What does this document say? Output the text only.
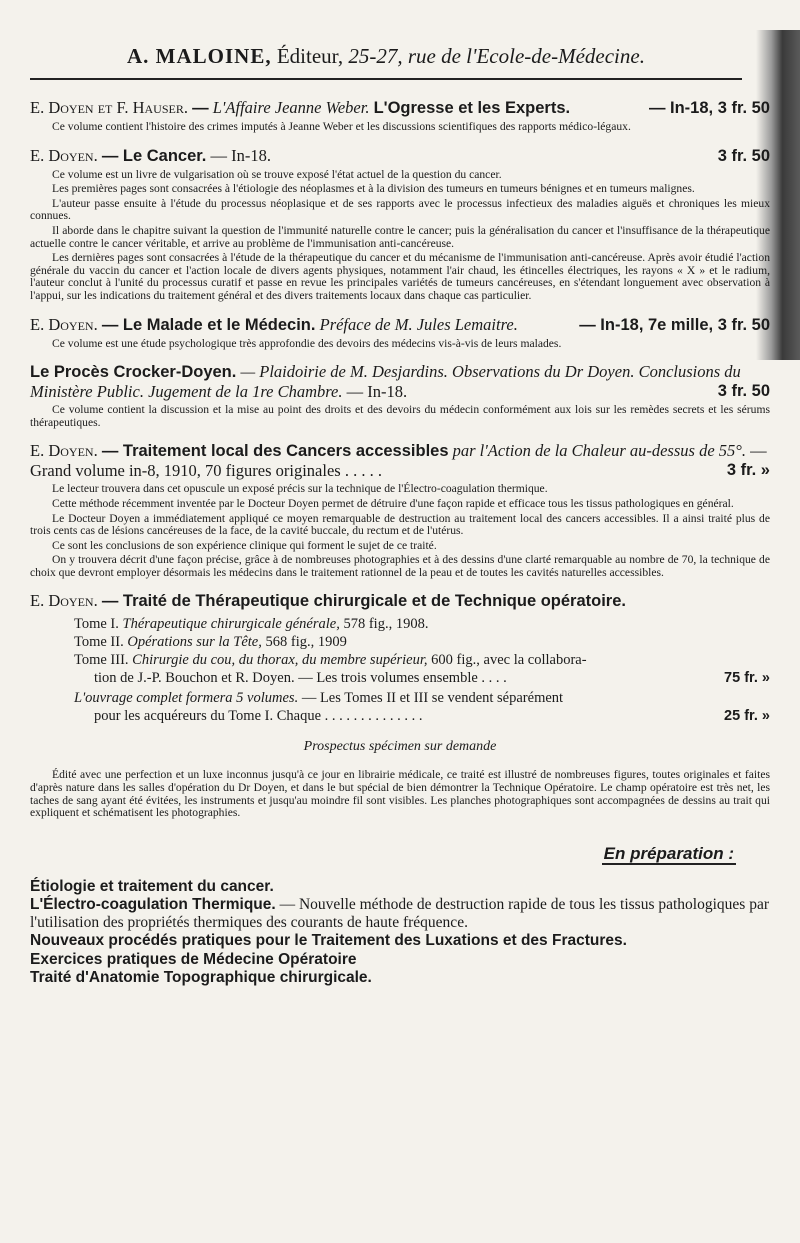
A. MALOINE, Éditeur, 25-27, rue de l'Ecole-de-Médecine.
E. Doyen et F. Hauser. — L'Affaire Jeanne Weber. L'Ogresse et les Experts.	— In-18, 3 fr. 50

Ce volume contient l'histoire des crimes imputés à Jeanne Weber et les discussions scientifiques des rapports médico-légaux.

E. Doyen. — Le Cancer. — In-18.	3 fr. 50

Ce volume est un livre de vulgarisation où se trouve exposé l'état actuel de la question du cancer.

Les premières pages sont consacrées à l'étiologie des néoplasmes et à la division des tumeurs en tumeurs bénignes et en tumeurs malignes.

L'auteur passe ensuite à l'étude du processus néoplasique et de ses rapports avec le processus infectieux des maladies aiguës et chroniques les mieux connues.

Il aborde dans le chapitre suivant la question de l'immunité naturelle contre le cancer; puis la généralisation du cancer et l'insuffisance de la thérapeutique actuelle contre le cancer véritable, et arrive au problème de l'immunisation anti-cancéreuse.

Les dernières pages sont consacrées à l'étude de la thérapeutique du cancer et du mécanisme de l'immunisation anti-cancéreuse. Après avoir étudié l'action générale du vaccin du cancer et l'action locale de divers agents physiques, notamment l'air chaud, les étincelles électriques, les rayons « X » et le radium, l'auteur conclut à l'unité du processus curatif et passe en revue les principales variétés de tumeurs cancéreuses, en s'étendant longuement avec observation à l'appui, sur les indications du traitement général et des divers traitements locaux dans chaque cas particulier.

E. Doyen. — Le Malade et le Médecin. Préface de M. Jules Lemaitre.	— In-18, 7e mille, 3 fr. 50

Ce volume est une étude psychologique très approfondie des devoirs des médecins vis-à-vis de leurs malades.

Le Procès Crocker-Doyen. — Plaidoirie de M. Desjardins. Observations du Dr Doyen. Conclusions du Ministère Public. Jugement de la 1re Chambre. — In-18.	3 fr. 50

Ce volume contient la discussion et la mise au point des droits et des devoirs du médecin conformément aux lois sur les remèdes secrets et les sérums thérapeutiques.

E. Doyen. — Traitement local des Cancers accessibles par l'Action de la Chaleur au-dessus de 55°. — Grand volume in-8, 1910, 70 figures originales . . . . .	3 fr. »

Le lecteur trouvera dans cet opuscule un exposé précis sur la technique de l'Électro-coagulation thermique.

Cette méthode récemment inventée par le Docteur Doyen permet de détruire d'une façon rapide et efficace tous les tissus pathologiques en général.

Le Docteur Doyen a immédiatement appliqué ce moyen remarquable de destruction au traitement local des cancers accessibles. Il a ainsi traité plus de trois cents cas de lésions cancéreuses de la face, de la cavité buccale, du rectum et de l'utérus.

Ce sont les conclusions de son expérience clinique qui forment le sujet de ce traité.

On y trouvera décrit d'une façon précise, grâce à de nombreuses photographies et à des dessins d'une clarté remarquable au nombre de 70, la technique de choix que devront employer désormais les médecins dans le traitement rationnel de la peau et de toutes les cavités naturelles accessibles.

E. Doyen. — Traité de Thérapeutique chirurgicale et de Technique opératoire.
Tome I. Thérapeutique chirurgicale générale, 578 fig., 1908.
Tome II. Opérations sur la Tête, 568 fig., 1909
Tome III. Chirurgie du cou, du thorax, du membre supérieur, 600 fig., avec la collabora-
tion de J.-P. Bouchon et R. Doyen. — Les trois volumes ensemble . . . .	75 fr. »
L'ouvrage complet formera 5 volumes. — Les Tomes II et III se vendent séparément
pour les acquéreurs du Tome I. Chaque . . . . . . . . . . . . . .	25 fr. »
Prospectus spécimen sur demande

Édité avec une perfection et un luxe inconnus jusqu'à ce jour en librairie médicale, ce traité est illustré de nombreuses figures, toutes originales et faites d'après nature dans les salles d'opération du Dr Doyen, et dans le but spécial de bien démontrer la Technique Opératoire. Le champ opératoire est très net, les taches de sang ayant été évitées, les instruments et jusqu'au moindre fil sont visibles. Les planches photographiques sont accompagnées de dessins au trait qui expliquent et schématisent les photographies.

En préparation :
Étiologie et traitement du cancer.
L'Électro-coagulation Thermique. — Nouvelle méthode de destruction rapide de tous les tissus pathologiques par l'utilisation des propriétés thermiques des courants de haute fréquence.
Nouveaux procédés pratiques pour le Traitement des Luxations et des Fractures.
Exercices pratiques de Médecine Opératoire
Traité d'Anatomie Topographique chirurgicale.
